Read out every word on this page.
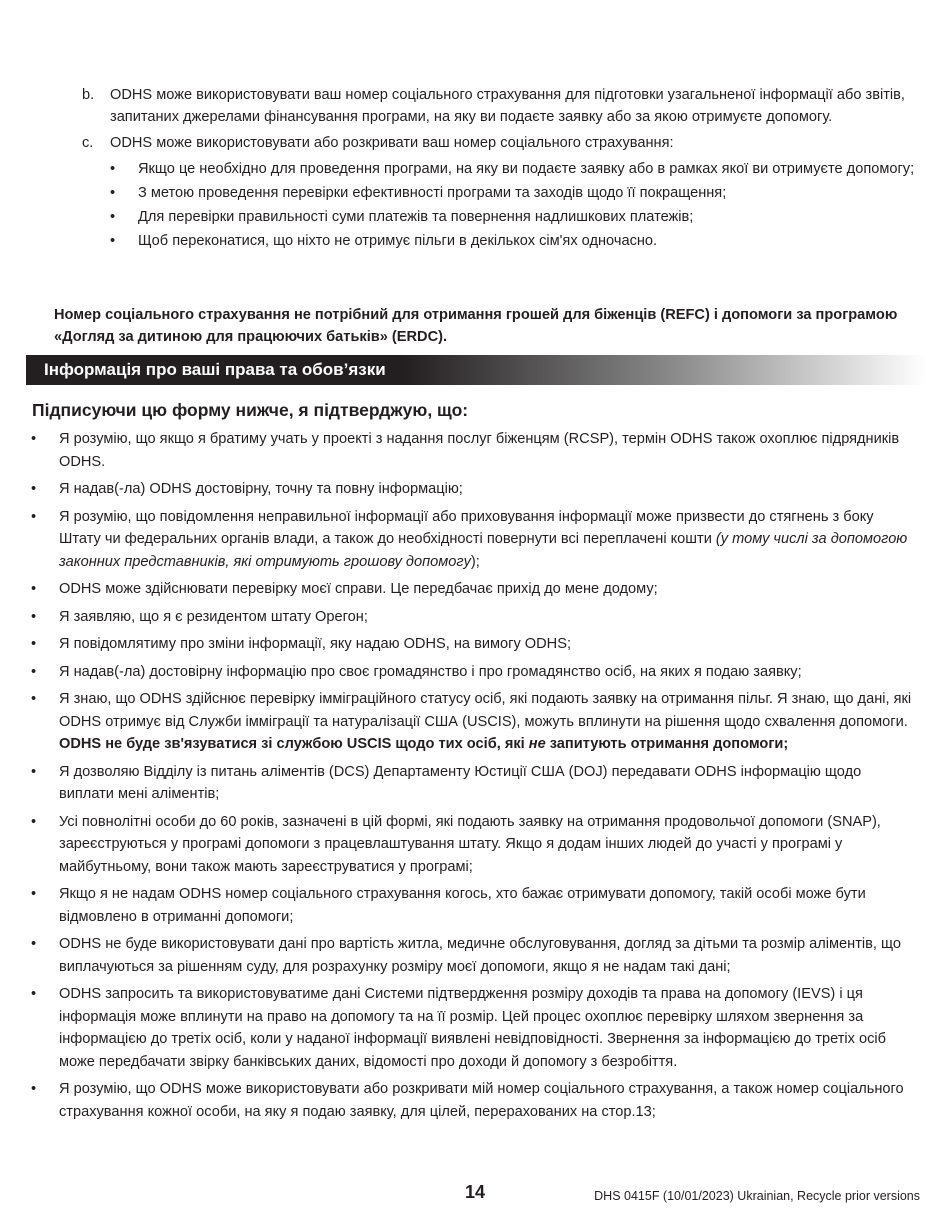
b. ODHS може використовувати ваш номер соціального страхування для підготовки узагальненої інформації або звітів, запитаних джерелами фінансування програми, на яку ви подаєте заявку або за якою отримуєте допомогу.
c. ODHS може використовувати або розкривати ваш номер соціального страхування:
• Якщо це необхідно для проведення програми, на яку ви подаєте заявку або в рамках якої ви отримуєте допомогу;
• З метою проведення перевірки ефективності програми та заходів щодо її покращення;
• Для перевірки правильності суми платежів та повернення надлишкових платежів;
• Щоб переконатися, що ніхто не отримує пільги в декількох сім'ях одночасно.
Номер соціального страхування не потрібний для отримання грошей для біженців (REFC) і допомоги за програмою «Догляд за дитиною для працюючих батьків» (ERDC).
Інформація про ваші права та обов’язки
Підписуючи цю форму нижче, я підтверджую, що:
• Я розумію, що якщо я братиму учать у проекті з надання послуг біженцям (RCSP), термін ODHS також охоплює підрядників ODHS.
• Я надав(-ла) ODHS достовірну, точну та повну інформацію;
• Я розумію, що повідомлення неправильної інформації або приховування інформації може призвести до стягнень з боку Штату чи федеральних органів влади, а також до необхідності повернути всі переплачені кошти (у тому числі за допомогою законних представників, які отримують грошову допомогу);
• ODHS може здійснювати перевірку моєї справи. Це передбачає прихід до мене додому;
• Я заявляю, що я є резидентом штату Орегон;
• Я повідомлятиму про зміни інформації, яку надаю ODHS, на вимогу ODHS;
• Я надав(-ла) достовірну інформацію про своє громадянство і про громадянство осіб, на яких я подаю заявку;
• Я знаю, що ODHS здійснює перевірку імміграційного статусу осіб, які подають заявку на отримання пільг. Я знаю, що дані, які ODHS отримує від Служби імміграції та натуралізації США (USCIS), можуть вплинути на рішення щодо схвалення допомоги. ODHS не буде зв'язуватися зі службою USCIS щодо тих осіб, які не запитують отримання допомоги;
• Я дозволяю Відділу із питань аліментів (DCS) Департаменту Юстиції США (DOJ) передавати ODHS інформацію щодо виплати мені аліментів;
• Усі повнолітні особи до 60 років, зазначені в цій формі, які подають заявку на отримання продовольчої допомоги (SNAP), зареєструються у програмі допомоги з працевлаштування штату. Якщо я додам інших людей до участі у програмі у майбутньому, вони також мають зареєструватися у програмі;
• Якщо я не надам ODHS номер соціального страхування когось, хто бажає отримувати допомогу, такій особі може бути відмовлено в отриманні допомоги;
• ODHS не буде використовувати дані про вартість житла, медичне обслуговування, догляд за дітьми та розмір аліментів, що виплачуються за рішенням суду, для розрахунку розміру моєї допомоги, якщо я не надам такі дані;
• ODHS запросить та використовуватиме дані Системи підтвердження розміру доходів та права на допомогу (IEVS) і ця інформація може вплинути на право на допомогу та на її розмір. Цей процес охоплює перевірку шляхом звернення за інформацією до третіх осіб, коли у наданої інформації виявлені невідповідності. Звернення за інформацією до третіх осіб може передбачати звірку банківських даних, відомості про доходи й допомогу з безробіття.
• Я розумію, що ODHS може використовувати або розкривати мій номер соціального страхування, а також номер соціального страхування кожної особи, на яку я подаю заявку, для цілей, перерахованих на стор.13;
14	DHS 0415F (10/01/2023) Ukrainian, Recycle prior versions
